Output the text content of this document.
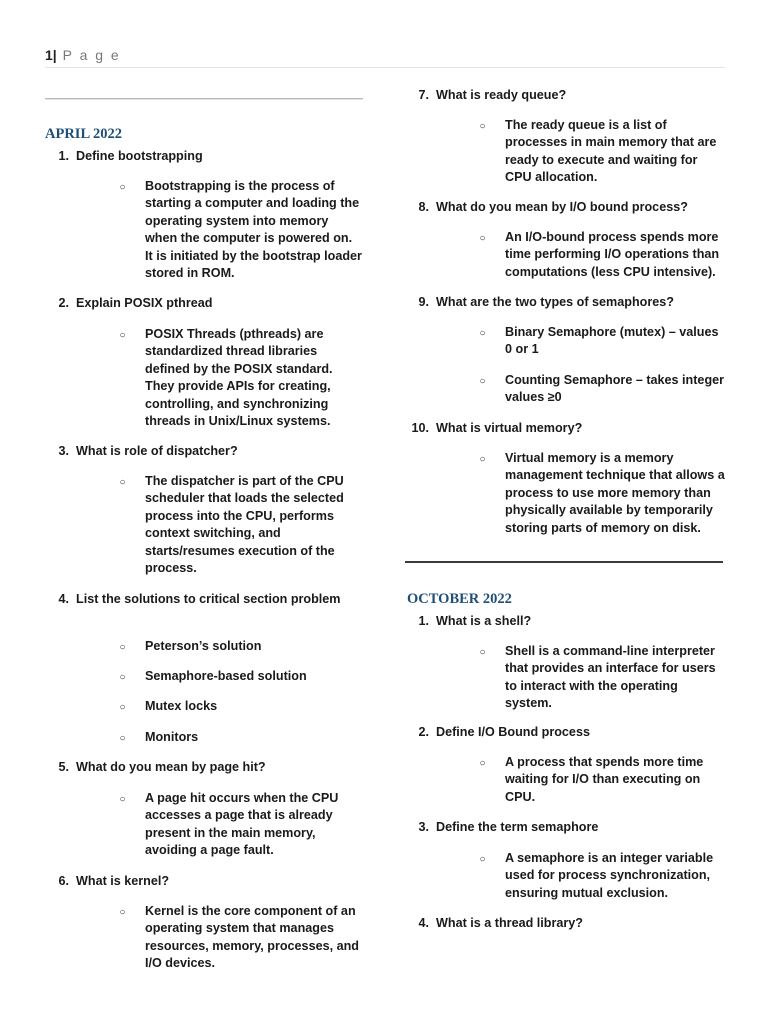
1| P a g e
APRIL 2022
1. Define bootstrapping
○	Bootstrapping is the process of starting a computer and loading the operating system into memory when the computer is powered on. It is initiated by the bootstrap loader stored in ROM.
2. Explain POSIX pthread
○	POSIX Threads (pthreads) are standardized thread libraries defined by the POSIX standard. They provide APIs for creating, controlling, and synchronizing threads in Unix/Linux systems.
3. What is role of dispatcher?
○	The dispatcher is part of the CPU scheduler that loads the selected process into the CPU, performs context switching, and starts/resumes execution of the process.
4. List the solutions to critical section problem
○	Peterson’s solution
○	Semaphore-based solution
○	Mutex locks
○	Monitors
5. What do you mean by page hit?
○	A page hit occurs when the CPU accesses a page that is already present in the main memory, avoiding a page fault.
6. What is kernel?
○	Kernel is the core component of an operating system that manages resources, memory, processes, and I/O devices.
7. What is ready queue?
○	The ready queue is a list of processes in main memory that are ready to execute and waiting for CPU allocation.
8. What do you mean by I/O bound process?
○	An I/O-bound process spends more time performing I/O operations than computations (less CPU intensive).
9. What are the two types of semaphores?
○	Binary Semaphore (mutex) – values 0 or 1
○	Counting Semaphore – takes integer values ≥0
10. What is virtual memory?
○	Virtual memory is a memory management technique that allows a process to use more memory than physically available by temporarily storing parts of memory on disk.
OCTOBER 2022
1. What is a shell?
○	Shell is a command-line interpreter that provides an interface for users to interact with the operating system.
2. Define I/O Bound process
○	A process that spends more time waiting for I/O than executing on CPU.
3. Define the term semaphore
○	A semaphore is an integer variable used for process synchronization, ensuring mutual exclusion.
4. What is a thread library?
